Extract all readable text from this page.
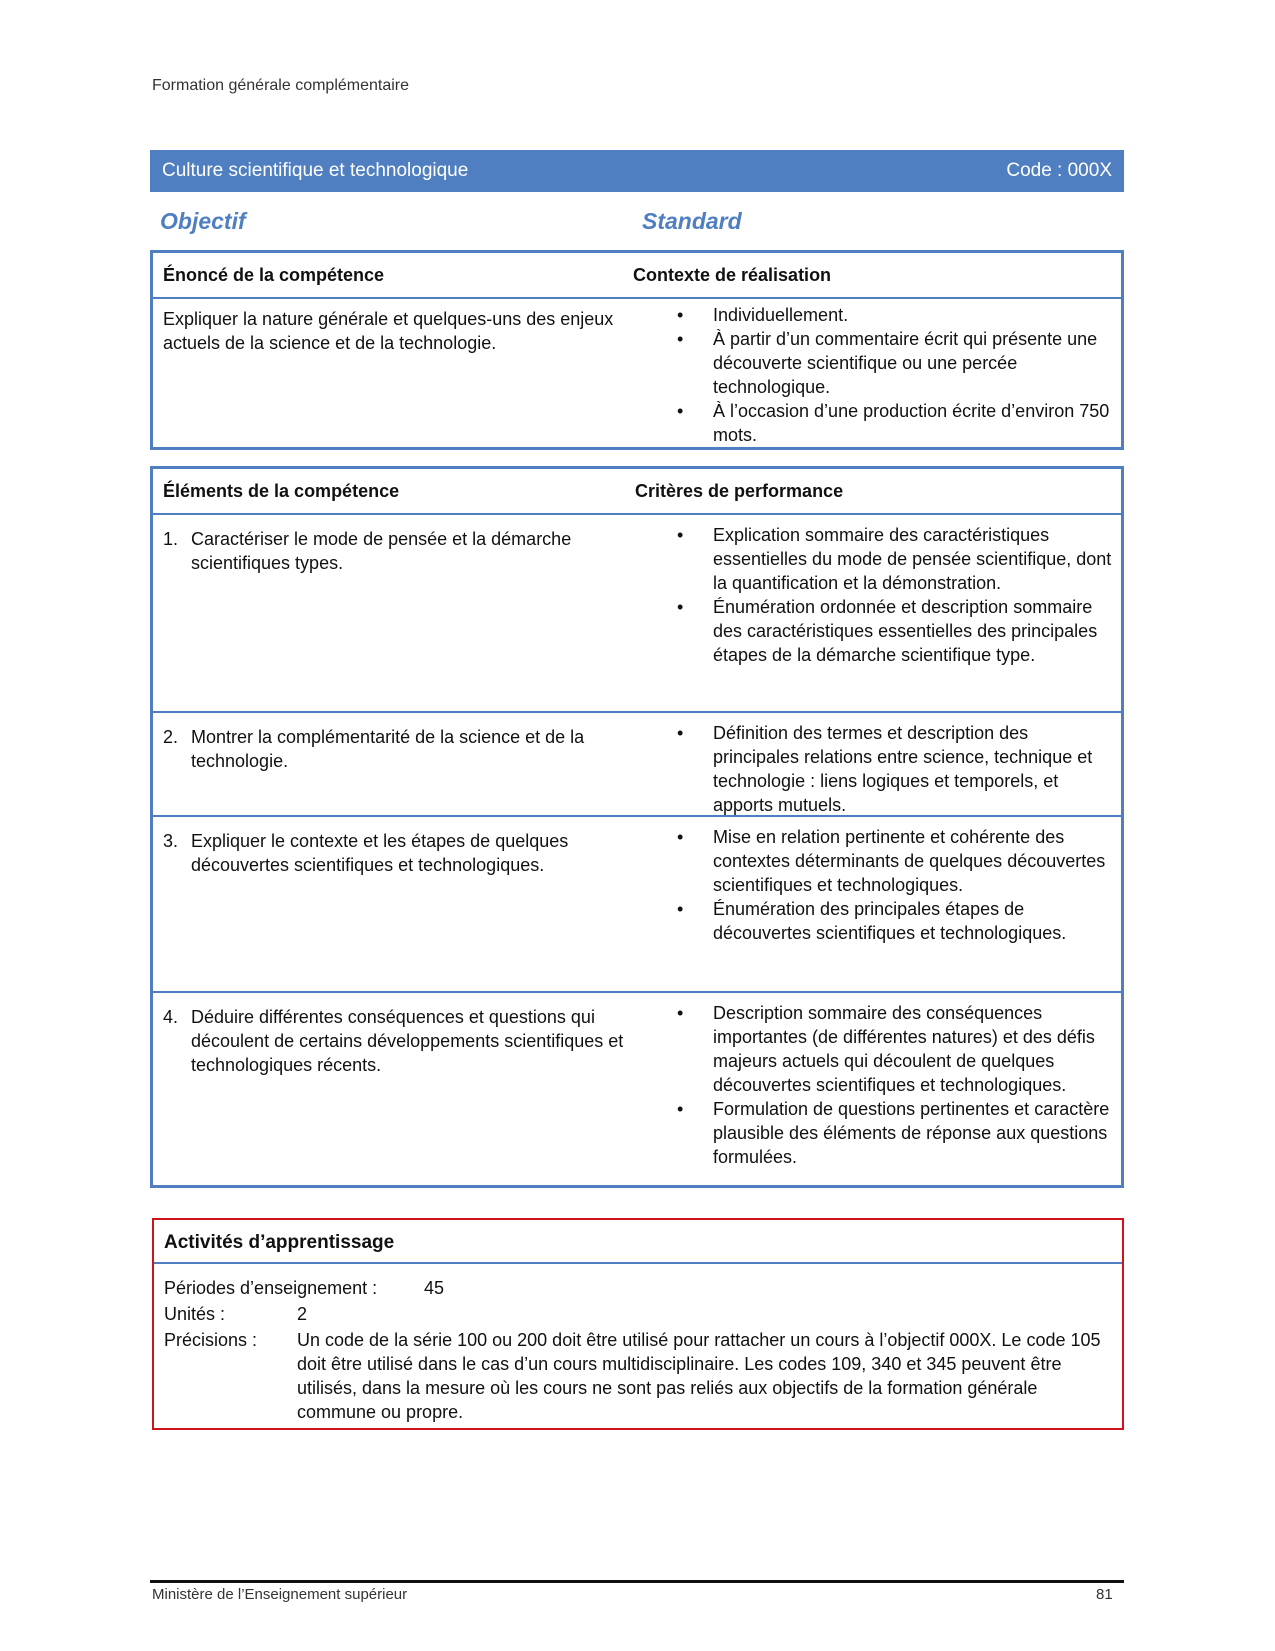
Formation générale complémentaire
Culture scientifique et technologique	Code : 000X
Objectif	Standard
Énoncé de la compétence	Contexte de réalisation
Expliquer la nature générale et quelques-uns des enjeux actuels de la science et de la technologie.
• Individuellement.
• À partir d’un commentaire écrit qui présente une découverte scientifique ou une percée technologique.
• À l’occasion d’une production écrite d’environ 750 mots.
Éléments de la compétence	Critères de performance
1. Caractériser le mode de pensée et la démarche scientifiques types.
• Explication sommaire des caractéristiques essentielles du mode de pensée scientifique, dont la quantification et la démonstration.
• Énumération ordonnée et description sommaire des caractéristiques essentielles des principales étapes de la démarche scientifique type.
2. Montrer la complémentarité de la science et de la technologie.
• Définition des termes et description des principales relations entre science, technique et technologie : liens logiques et temporels, et apports mutuels.
3. Expliquer le contexte et les étapes de quelques découvertes scientifiques et technologiques.
• Mise en relation pertinente et cohérente des contextes déterminants de quelques découvertes scientifiques et technologiques.
• Énumération des principales étapes de découvertes scientifiques et technologiques.
4. Déduire différentes conséquences et questions qui découlent de certains développements scientifiques et technologiques récents.
• Description sommaire des conséquences importantes (de différentes natures) et des défis majeurs actuels qui découlent de quelques découvertes scientifiques et technologiques.
• Formulation de questions pertinentes et caractère plausible des éléments de réponse aux questions formulées.
Activités d’apprentissage
Périodes d’enseignement :	45
Unités :	2
Précisions : Un code de la série 100 ou 200 doit être utilisé pour rattacher un cours à l’objectif 000X. Le code 105 doit être utilisé dans le cas d’un cours multidisciplinaire. Les codes 109, 340 et 345 peuvent être utilisés, dans la mesure où les cours ne sont pas reliés aux objectifs de la formation générale commune ou propre.
Ministère de l’Enseignement supérieur	81
